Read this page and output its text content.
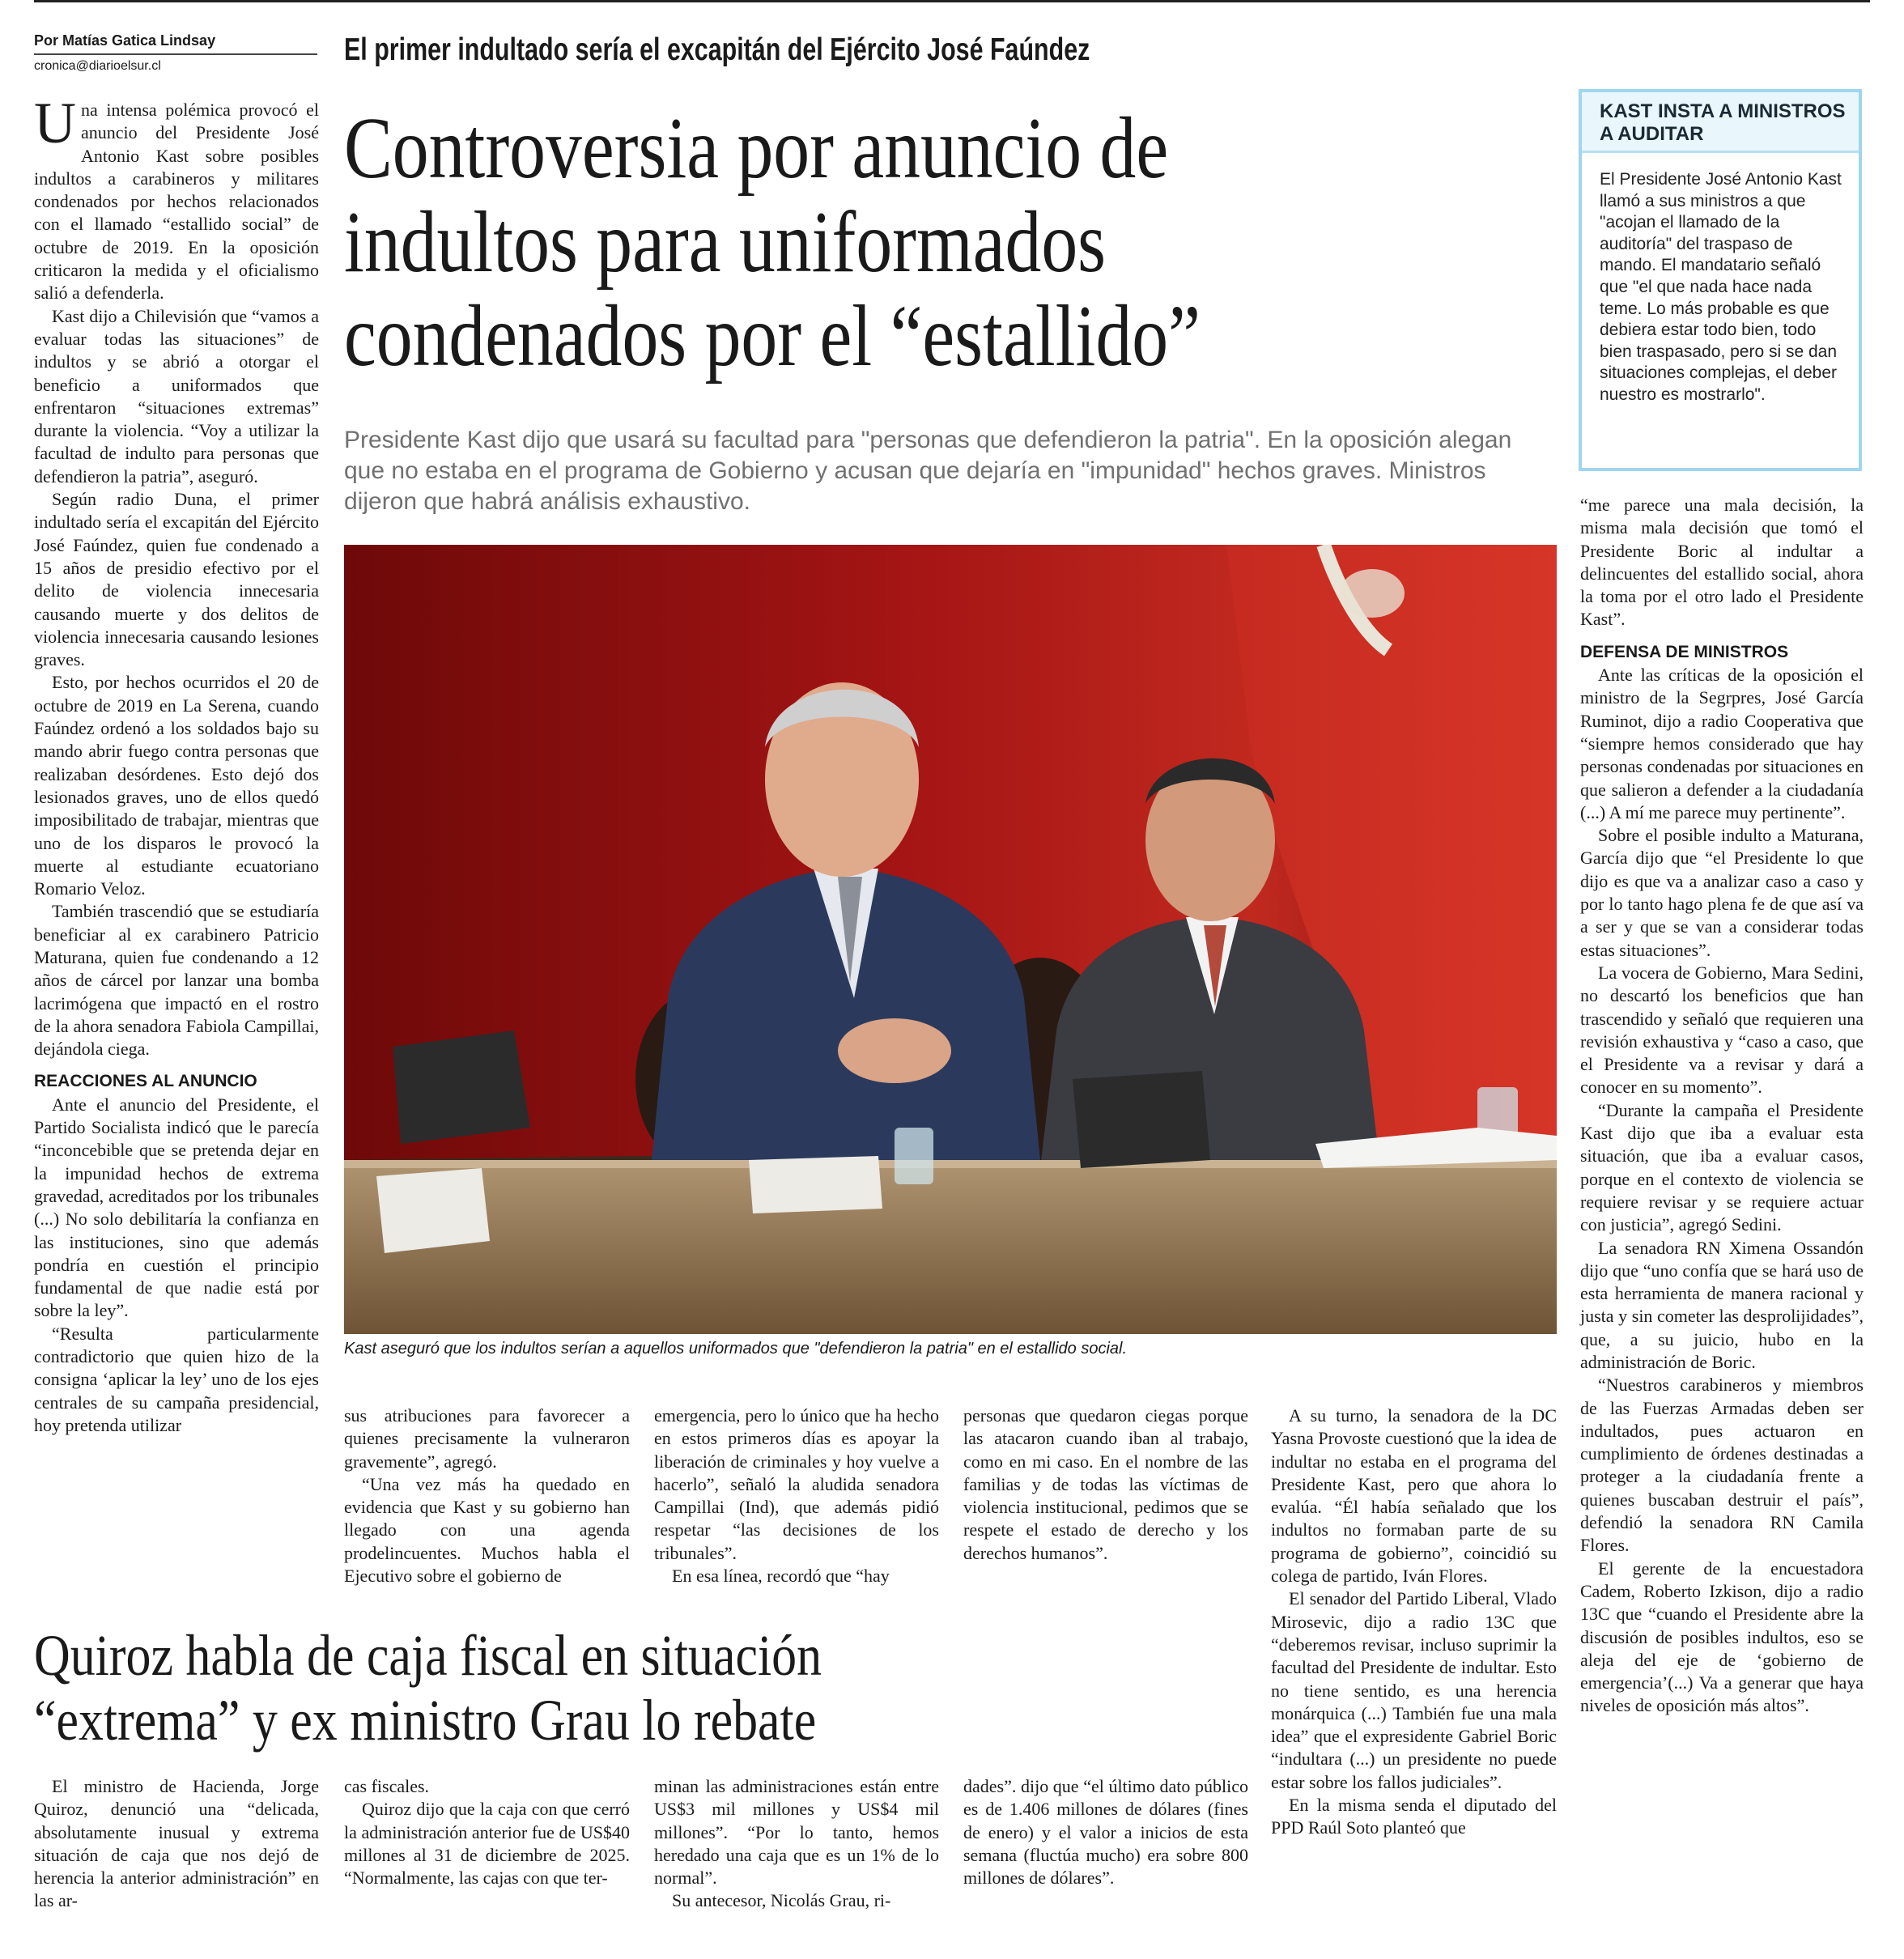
Por Matías Gatica Lindsay
cronica@diarioelsur.cl	El primer indultado sería el excapitán del Ejército José Faúndez
Controversia por anuncio de
indultos para uniformados
condenados por el “estallido”
Presidente Kast dijo que usará su facultad para "personas que defendieron la patria". En la oposición alegan que no estaba en el programa de Gobierno y acusan que dejaría en "impunidad" hechos graves. Ministros dijeron que habrá análisis exhaustivo.

Una intensa polémica provocó el anuncio del Presidente José Antonio Kast sobre posibles indultos a carabineros y militares condenados por hechos relacionados con el llamado “estallido social” de octubre de 2019. En la oposición criticaron la medida y el oficialismo salió a defenderla.

Kast dijo a Chilevisión que “vamos a evaluar todas las situaciones” de indultos y se abrió a otorgar el beneficio a uniformados que enfrentaron “situaciones extremas” durante la violencia. “Voy a utilizar la facultad de indulto para personas que defendieron la patria”, aseguró.

Según radio Duna, el primer indultado sería el excapitán del Ejército José Faúndez, quien fue condenado a 15 años de presidio efectivo por el delito de violencia innecesaria causando muerte y dos delitos de violencia innecesaria causando lesiones graves.

Esto, por hechos ocurridos el 20 de octubre de 2019 en La Serena, cuando Faúndez ordenó a los soldados bajo su mando abrir fuego contra personas que realizaban desórdenes. Esto dejó dos lesionados graves, uno de ellos quedó imposibilitado de trabajar, mientras que uno de los disparos le provocó la muerte al estudiante ecuatoriano Romario Veloz.

También trascendió que se estudiaría beneficiar al ex carabinero Patricio Maturana, quien fue condenando a 12 años de cárcel por lanzar una bomba lacrimógena que impactó en el rostro de la ahora senadora Fabiola Campillai, dejándola ciega.

REACCIONES AL ANUNCIO

Ante el anuncio del Presidente, el Partido Socialista indicó que le parecía “inconcebible que se pretenda dejar en la impunidad hechos de extrema gravedad, acreditados por los tribunales (...) No solo debilitaría la confianza en las instituciones, sino que además pondría en cuestión el principio fundamental de que nadie está por sobre la ley”.

“Resulta particularmente contradictorio que quien hizo de la consigna ‘aplicar la ley’ uno de los ejes centrales de su campaña presidencial, hoy pretenda utilizar

Kast aseguró que los indultos serían a aquellos uniformados que "defendieron la patria" en el estallido social.
KAST INSTA A MINISTROS A AUDITAR
El Presidente José Antonio Kast llamó a sus ministros a que "acojan el llamado de la auditoría" del traspaso de mando. El mandatario señaló que "el que nada hace nada teme. Lo más probable es que debiera estar todo bien, todo bien traspasado, pero si se dan situaciones complejas, el deber nuestro es mostrarlo".

sus atribuciones para favorecer a quienes precisamente la vulneraron gravemente”, agregó.

“Una vez más ha quedado en evidencia que Kast y su gobierno han llegado con una agenda prodelincuentes. Muchos habla el Ejecutivo sobre el gobierno de

emergencia, pero lo único que ha hecho en estos primeros días es apoyar la liberación de criminales y hoy vuelve a hacerlo”, señaló la aludida senadora Campillai (Ind), que además pidió respetar “las decisiones de los tribunales”.

En esa línea, recordó que “hay

personas que quedaron ciegas porque las atacaron cuando iban al trabajo, como en mi caso. En el nombre de las familias y de todas las víctimas de violencia institucional, pedimos que se respete el estado de derecho y los derechos humanos”.

A su turno, la senadora de la DC Yasna Provoste cuestionó que la idea de indultar no estaba en el programa del Presidente Kast, pero que ahora lo evalúa. “Él había señalado que los indultos no formaban parte de su programa de gobierno”, coincidió su colega de partido, Iván Flores.

El senador del Partido Liberal, Vlado Mirosevic, dijo a radio 13C que “deberemos revisar, incluso suprimir la facultad del Presidente de indultar. Esto no tiene sentido, es una herencia monárquica (...) También fue una mala idea” que el expresidente Gabriel Boric “indultara (...) un presidente no puede estar sobre los fallos judiciales”.

En la misma senda el diputado del PPD Raúl Soto planteó que

“me parece una mala decisión, la misma mala decisión que tomó el Presidente Boric al indultar a delincuentes del estallido social, ahora la toma por el otro lado el Presidente Kast”.

DEFENSA DE MINISTROS

Ante las críticas de la oposición el ministro de la Segrpres, José García Ruminot, dijo a radio Cooperativa que “siempre hemos considerado que hay personas condenadas por situaciones en que salieron a defender a la ciudadanía (...) A mí me parece muy pertinente”.

Sobre el posible indulto a Maturana, García dijo que “el Presidente lo que dijo es que va a analizar caso a caso y por lo tanto hago plena fe de que así va a ser y que se van a considerar todas estas situaciones”.

La vocera de Gobierno, Mara Sedini, no descartó los beneficios que han trascendido y señaló que requieren una revisión exhaustiva y “caso a caso, que el Presidente va a revisar y dará a conocer en su momento”.

“Durante la campaña el Presidente Kast dijo que iba a evaluar esta situación, que iba a evaluar casos, porque en el contexto de violencia se requiere revisar y se requiere actuar con justicia”, agregó Sedini.

La senadora RN Ximena Ossandón dijo que “uno confía que se hará uso de esta herramienta de manera racional y justa y sin cometer las desprolijidades”, que, a su juicio, hubo en la administración de Boric.

“Nuestros carabineros y miembros de las Fuerzas Armadas deben ser indultados, pues actuaron en cumplimiento de órdenes destinadas a proteger a la ciudadanía frente a quienes buscaban destruir el país”, defendió la senadora RN Camila Flores.

El gerente de la encuestadora Cadem, Roberto Izkison, dijo a radio 13C que “cuando el Presidente abre la discusión de posibles indultos, eso se aleja del eje de ‘gobierno de emergencia’(...) Va a generar que haya niveles de oposición más altos”.

Quiroz habla de caja fiscal en situación
“extrema” y ex ministro Grau lo rebate

El ministro de Hacienda, Jorge Quiroz, denunció una “delicada, absolutamente inusual y extrema situación de caja que nos dejó de herencia la anterior administración” en las ar-

cas fiscales.

Quiroz dijo que la caja con que cerró la administración anterior fue de US$40 millones al 31 de diciembre de 2025. “Normalmente, las cajas con que ter-

minan las administraciones están entre US$3 mil millones y US$4 mil millones”. “Por lo tanto, hemos heredado una caja que es un 1% de lo normal”.

Su antecesor, Nicolás Grau, ri-

dades”. dijo que “el último dato público es de 1.406 millones de dólares (fines de enero) y el valor a inicios de esta semana (fluctúa mucho) era sobre 800 millones de dólares”.
